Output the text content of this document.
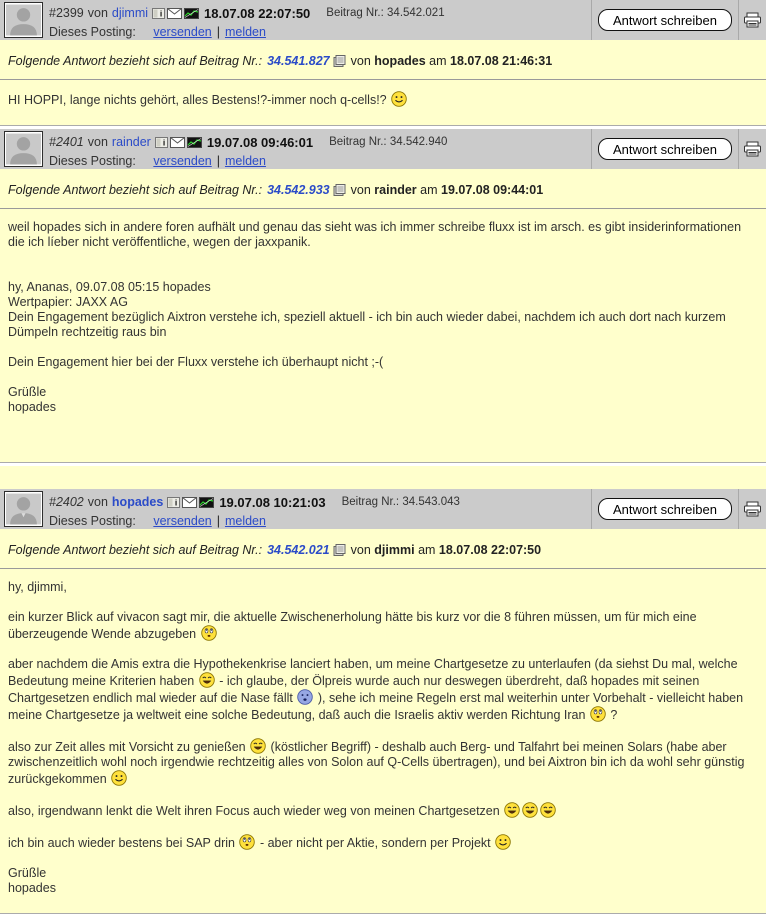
#2399 von djimmi i	18.07.08 22:07:50 Beitrag Nr.: 34.542.021
Dieses Posting: versenden | melden
Antwort schreiben
Folgende Antwort bezieht sich auf Beitrag Nr.: 34.541.827 von hopades am 18.07.08 21:46:31
HI HOPPI, lange nichts gehört, alles Bestens!?-immer noch q-cells!?
#2401 von rainder i	19.07.08 09:46:01 Beitrag Nr.: 34.542.940
Dieses Posting: versenden | melden
Antwort schreiben
Folgende Antwort bezieht sich auf Beitrag Nr.: 34.542.933 von rainder am 19.07.08 09:44:01
weil hopades sich in andere foren aufhält und genau das sieht was ich immer schreibe fluxx ist im arsch. es gibt insiderinformationen die ich líeber nicht veröffentliche, wegen der jaxxpanik.

hy, Ananas, 09.07.08 05:15 hopades
Wertpapier: JAXX AG
Dein Engagement bezüglich Aixtron verstehe ich, speziell aktuell - ich bin auch wieder dabei, nachdem ich auch dort nach kurzem Dümpeln rechtzeitig raus bin

Dein Engagement hier bei der Fluxx verstehe ich überhaupt nicht ;-(

Grüßle
hopades

#2402 von hopades i	19.07.08 10:21:03 Beitrag Nr.: 34.543.043
Dieses Posting: versenden | melden
Antwort schreiben
Folgende Antwort bezieht sich auf Beitrag Nr.: 34.542.021 von djimmi am 18.07.08 22:07:50
hy, djimmi,

ein kurzer Blick auf vivacon sagt mir, die aktuelle Zwischenerholung hätte bis kurz vor die 8 führen müssen, um für mich eine überzeugende Wende abzugeben

aber nachdem die Amis extra die Hypothekenkrise lanciert haben, um meine Chartgesetze zu unterlaufen (da siehst Du mal, welche Bedeutung meine Kriterien haben
- ich glaube, der Ölpreis wurde auch nur deswegen überdreht, daß hopades mit seinen Chartgesetzen endlich mal wieder auf die Nase fällt
), sehe ich meine Regeln erst mal weiterhin unter Vorbehalt - vielleicht haben meine Chartgesetze ja weltweit eine solche Bedeutung, daß auch die Israelis aktiv werden Richtung Iran
?

also zur Zeit alles mit Vorsicht zu genießen
(köstlicher Begriff) - deshalb auch Berg- und Talfahrt bei meinen Solars (habe aber zwischenzeitlich wohl noch irgendwie rechtzeitig alles von Solon auf Q-Cells übertragen), und bei Aixtron bin ich da wohl sehr günstig zurückgekommen

also, irgendwann lenkt die Welt ihren Focus auch wieder weg von meinen Chartgesetzen

ich bin auch wieder bestens bei SAP drin
- aber nicht per Aktie, sondern per Projekt

Grüßle
hopades
